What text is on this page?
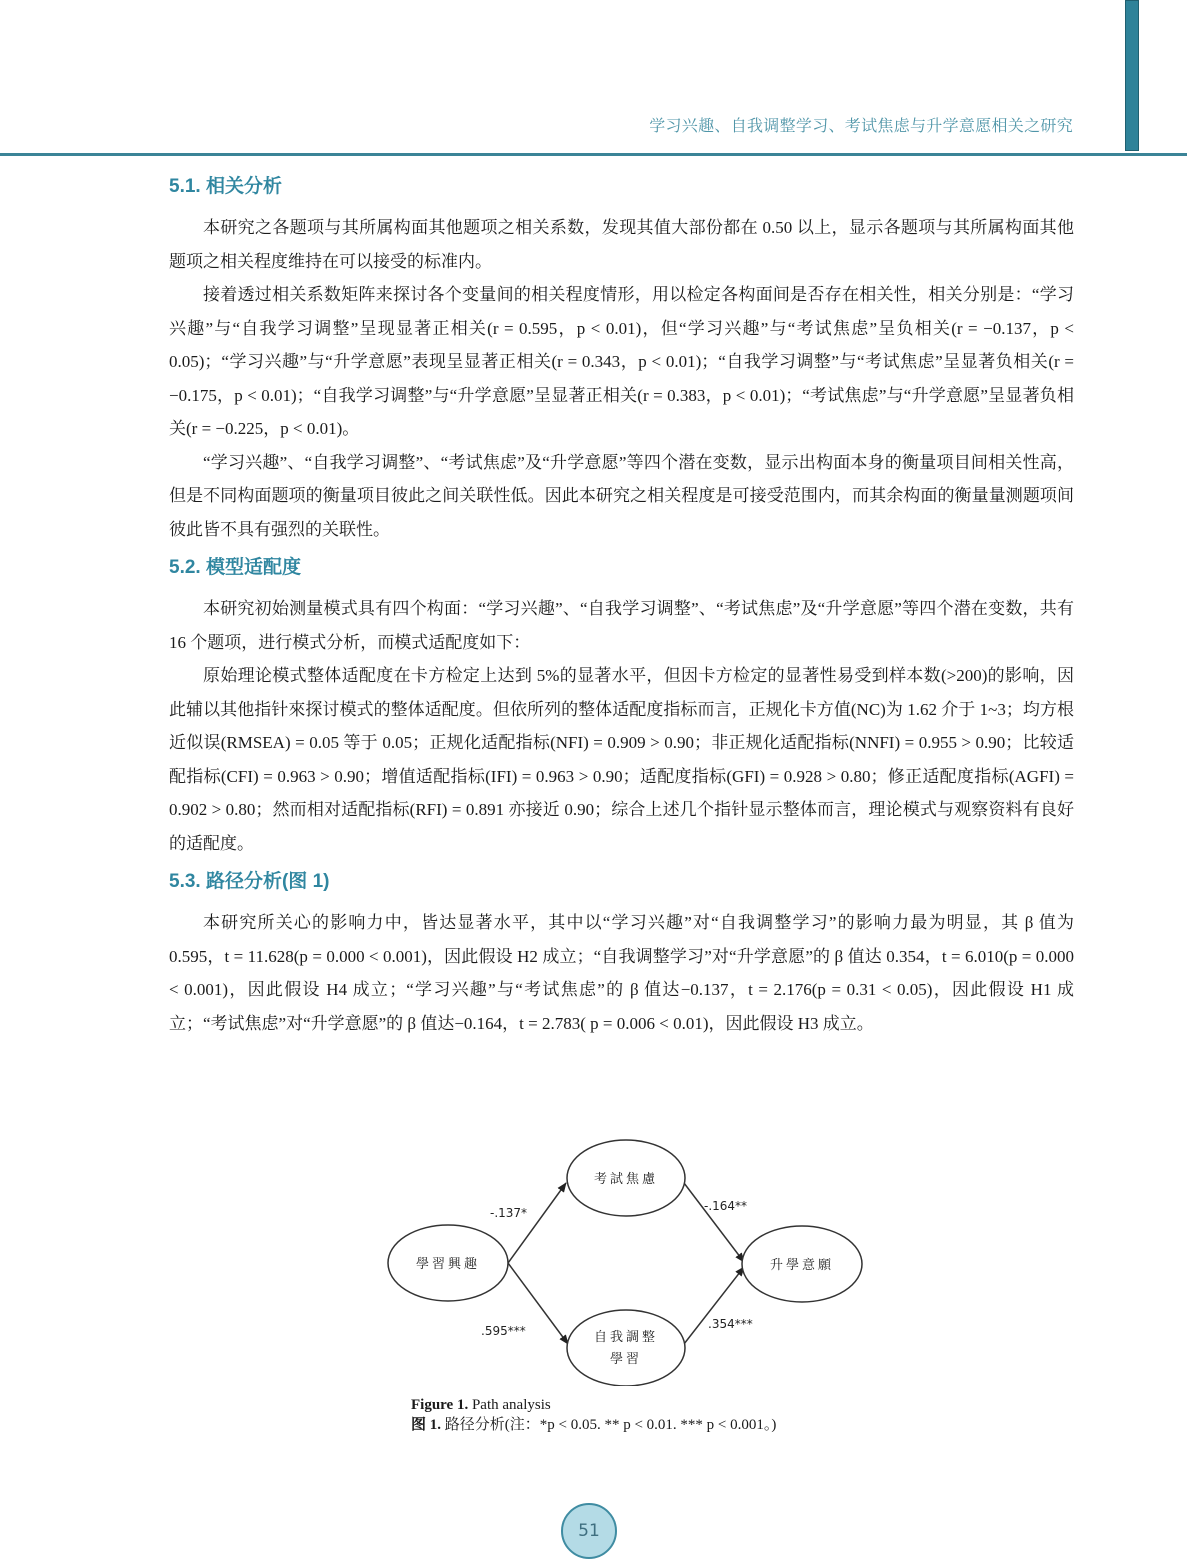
学习兴趣、自我调整学习、考试焦虑与升学意愿相关之研究
5.1. 相关分析

本研究之各题项与其所属构面其他题项之相关系数，发现其值大部份都在 0.50 以上，显示各题项与其所属构面其他题项之相关程度维持在可以接受的标准内。

接着透过相关系数矩阵来探讨各个变量间的相关程度情形，用以检定各构面间是否存在相关性，相关分别是：“学习兴趣”与“自我学习调整”呈现显著正相关(r = 0.595，p < 0.01)，但“学习兴趣”与“考试焦虑”呈负相关(r = −0.137，p < 0.05)；“学习兴趣”与“升学意愿”表现呈显著正相关(r = 0.343，p < 0.01)；“自我学习调整”与“考试焦虑”呈显著负相关(r = −0.175，p < 0.01)；“自我学习调整”与“升学意愿”呈显著正相关(r = 0.383，p < 0.01)；“考试焦虑”与“升学意愿”呈显著负相关(r = −0.225，p < 0.01)。

“学习兴趣”、“自我学习调整”、“考试焦虑”及“升学意愿”等四个潜在变数，显示出构面本身的衡量项目间相关性高，但是不同构面题项的衡量项目彼此之间关联性低。因此本研究之相关程度是可接受范围内，而其余构面的衡量量测题项间彼此皆不具有强烈的关联性。

5.2. 模型适配度

本研究初始测量模式具有四个构面：“学习兴趣”、“自我学习调整”、“考试焦虑”及“升学意愿”等四个潜在变数，共有 16 个题项，进行模式分析，而模式适配度如下：

原始理论模式整体适配度在卡方检定上达到 5%的显著水平，但因卡方检定的显著性易受到样本数(>200)的影响，因此辅以其他指针來探讨模式的整体适配度。但依所列的整体适配度指标而言，正规化卡方值(NC)为 1.62 介于 1~3；均方根近似误(RMSEA) = 0.05 等于 0.05；正规化适配指标(NFI) = 0.909 > 0.90；非正规化适配指标(NNFI) = 0.955 > 0.90；比较适配指标(CFI) = 0.963 > 0.90；增值适配指标(IFI) = 0.963 > 0.90；适配度指标(GFI) = 0.928 > 0.80；修正适配度指标(AGFI) = 0.902 > 0.80；然而相对适配指标(RFI) = 0.891 亦接近 0.90；综合上述几个指针显示整体而言，理论模式与观察资料有良好的适配度。

5.3. 路径分析(图 1)

本研究所关心的影响力中，皆达显著水平，其中以“学习兴趣”对“自我调整学习”的影响力最为明显，其 β 值为 0.595，t = 11.628(p = 0.000 < 0.001)，因此假设 H2 成立；“自我调整学习”对“升学意愿”的 β 值达 0.354，t = 6.010(p = 0.000 < 0.001)，因此假设 H4 成立；“学习兴趣”与“考试焦虑”的 β 值达−0.137，t = 2.176(p = 0.31 < 0.05)，因此假设 H1 成立；“考试焦虑”对“升学意愿”的 β 值达−0.164，t = 2.783( p = 0.006 < 0.01)，因此假设 H3 成立。

學習興趣
考試焦慮
自我調整
學習
升學意願
-.137*
.595***
-.164**
.354***
Figure 1. Path analysis
图 1. 路径分析(注：*p < 0.05. ** p < 0.01. *** p < 0.001。)
51
